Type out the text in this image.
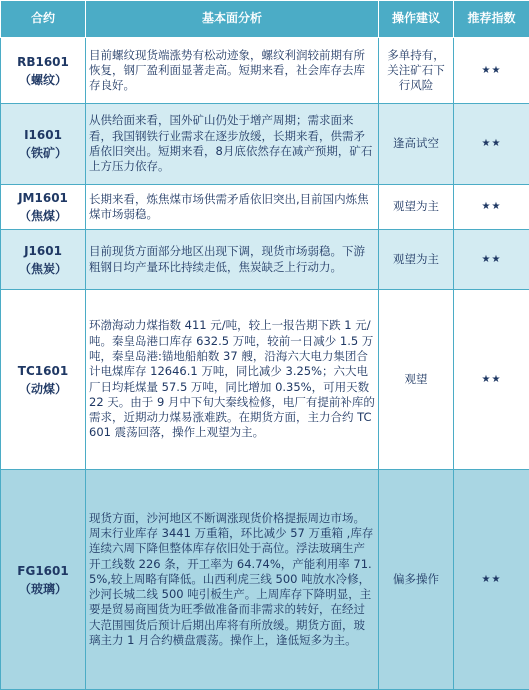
合约	基本面分析	操作建议	推荐指数

RB1601
（螺纹）	目前螺纹现货端涨势有松动迹象，螺纹利润较前期有所恢复，钢厂盈利面显著走高。短期来看，社会库存去库存良好。	多单持有，关注矿石下行风险	★★

I1601
（铁矿）	从供给面来看，国外矿山仍处于增产周期；需求面来看，我国钢铁行业需求在逐步放缓，长期来看，供需矛盾依旧突出。短期来看，8月底依然存在减产预期，矿石上方压力依存。	逢高试空	★★

JM1601
（焦煤）	长期来看，炼焦煤市场供需矛盾依旧突出,目前国内炼焦煤市场弱稳。	观望为主	★★

J1601
（焦炭）	目前现货方面部分地区出现下调，现货市场弱稳。下游粗钢日均产量环比持续走低，焦炭缺乏上行动力。	观望为主	★★

TC1601
（动煤）	环渤海动力煤指数 411 元/吨，较上一报告期下跌 1 元/吨。秦皇岛港口库存 632.5 万吨，较前一日减少 1.5 万吨，秦皇岛港:锚地船舶数 37 艘，沿海六大电力集团合计电煤库存 12646.1 万吨，同比减少 3.25%；六大电厂日均耗煤量 57.5 万吨，同比增加 0.35%，可用天数 22 天。由于 9 月中下旬大秦线检修，电厂有提前补库的需求，近期动力煤易涨难跌。在期货方面，主力合约 TC601 震荡回落，操作上观望为主。	观望	★★

FG1601
（玻璃）	现货方面，沙河地区不断调涨现货价格提振周边市场。周末行业库存 3441 万重箱，环比减少 57 万重箱 ,库存连续六周下降但整体库存依旧处于高位。浮法玻璃生产开工线数 226 条，开工率为 64.74%，产能利用率 71.5%,较上周略有降低。山西利虎三线 500 吨放水冷修，沙河长城二线 500 吨引板生产。上周库存下降明显，主要是贸易商囤货为旺季做准备而非需求的转好，在经过大范围囤货后预计后期出库将有所放缓。期货方面，玻璃主力 1 月合约横盘震荡。操作上，逢低短多为主。	偏多操作	★★
